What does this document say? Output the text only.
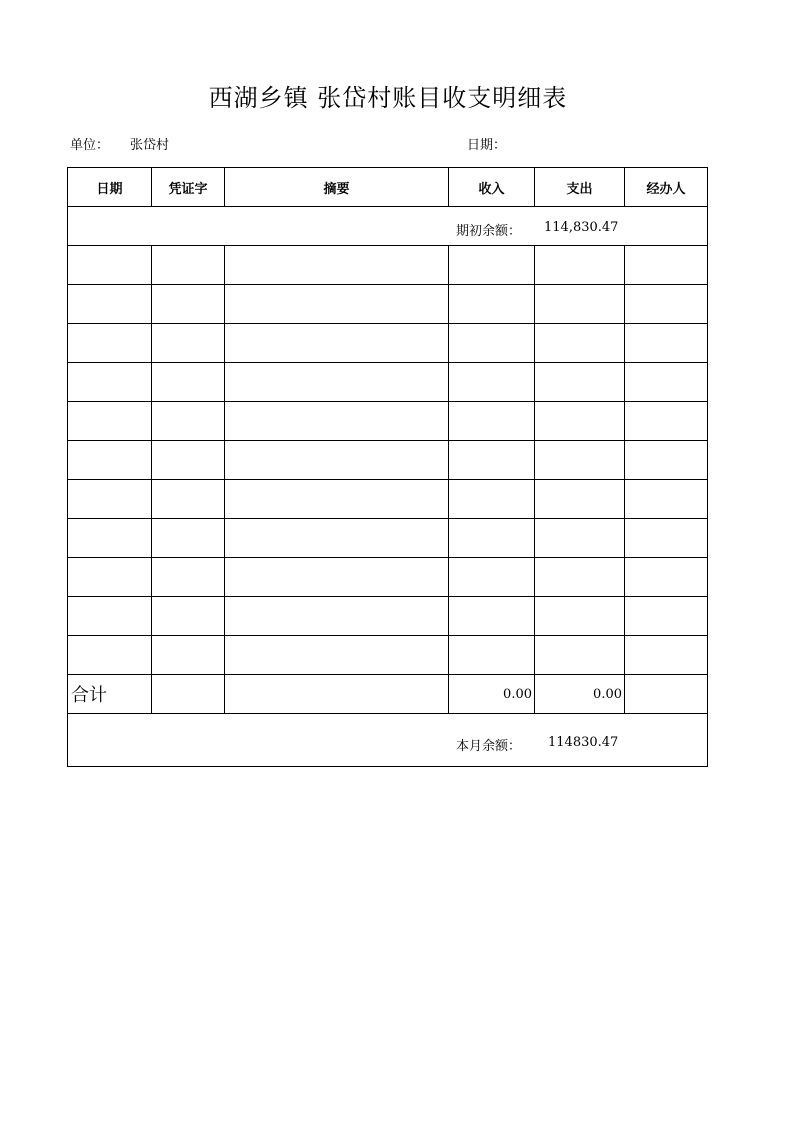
西湖乡镇 张岱村账目收支明细表
单位： 张岱村	日期：
日期	凭证字	摘要	收入	支出	经办人

期初余额： 114,830.47					

合计			0.00	0.00	

本月余额： 114830.47					
